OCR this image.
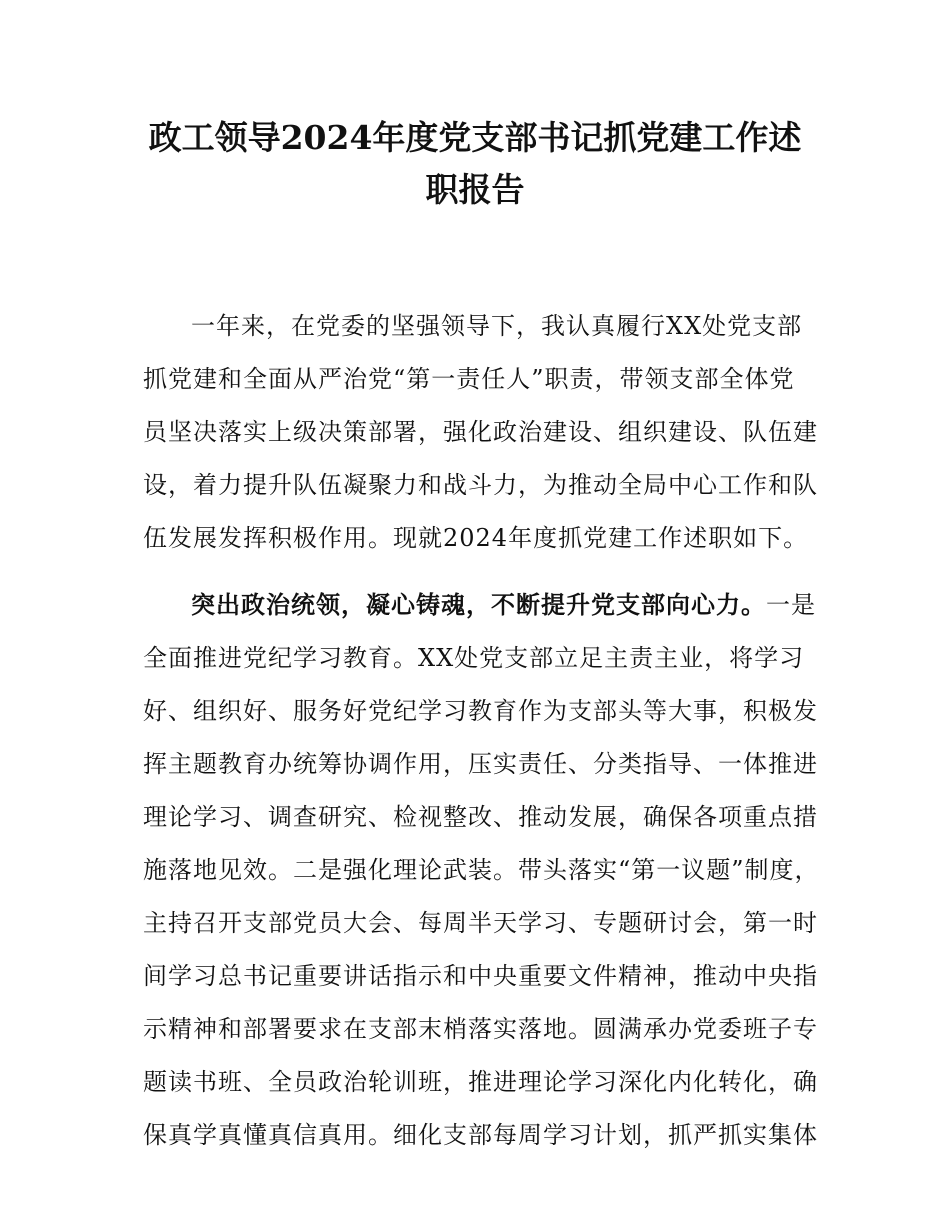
政工领导2024年度党支部书记抓党建工作述
职报告
一年来，在党委的坚强领导下，我认真履行XX处党支部
抓党建和全面从严治党“第一责任人”职责，带领支部全体党
员坚决落实上级决策部署，强化政治建设、组织建设、队伍建
设，着力提升队伍凝聚力和战斗力，为推动全局中心工作和队
伍发展发挥积极作用。现就2024年度抓党建工作述职如下。
突出政治统领，凝心铸魂，不断提升党支部向心力。一是
全面推进党纪学习教育。XX处党支部立足主责主业，将学习
好、组织好、服务好党纪学习教育作为支部头等大事，积极发
挥主题教育办统筹协调作用，压实责任、分类指导、一体推进
理论学习、调查研究、检视整改、推动发展，确保各项重点措
施落地见效。二是强化理论武装。带头落实“第一议题”制度，
主持召开支部党员大会、每周半天学习、专题研讨会，第一时
间学习总书记重要讲话指示和中央重要文件精神，推动中央指
示精神和部署要求在支部末梢落实落地。圆满承办党委班子专
题读书班、全员政治轮训班，推进理论学习深化内化转化，确
保真学真懂真信真用。细化支部每周学习计划，抓严抓实集体
